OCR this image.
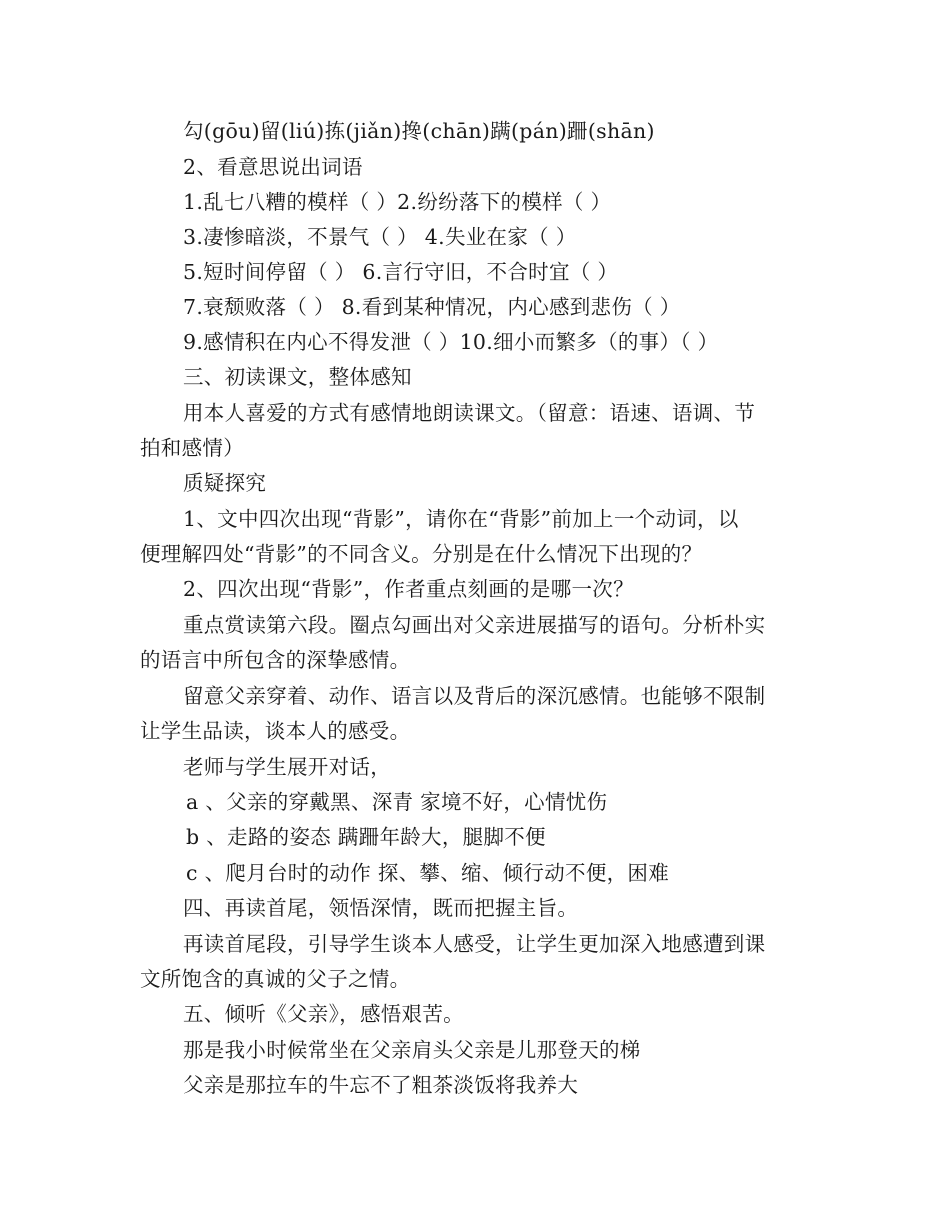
勾(gōu)留(liú)拣(jiǎn)搀(chān)蹒(pán)跚(shān)
2、看意思说出词语
1.乱七八糟的模样（ ）2.纷纷落下的模样（ ）
3.凄惨暗淡，不景气（ ） 4.失业在家（ ）
5.短时间停留（ ） 6.言行守旧，不合时宜（ ）
7.衰颓败落（ ） 8.看到某种情况，内心感到悲伤（ ）
9.感情积在内心不得发泄（ ）10.细小而繁多（的事）（ ）
三、初读课文，整体感知
用本人喜爱的方式有感情地朗读课文。（留意：语速、语调、节
拍和感情）
质疑探究
1、文中四次出现“背影”，请你在“背影”前加上一个动词，以
便理解四处“背影”的不同含义。分别是在什么情况下出现的？
2、四次出现“背影”，作者重点刻画的是哪一次？
重点赏读第六段。圈点勾画出对父亲进展描写的语句。分析朴实
的语言中所包含的深挚感情。
留意父亲穿着、动作、语言以及背后的深沉感情。也能够不限制
让学生品读，谈本人的感受。
老师与学生展开对话，
a 、父亲的穿戴黑、深青 家境不好，心情忧伤
b 、走路的姿态 蹒跚年龄大，腿脚不便
c 、爬月台时的动作 探、攀、缩、倾行动不便，困难
四、再读首尾，领悟深情，既而把握主旨。
再读首尾段，引导学生谈本人感受，让学生更加深入地感遭到课
文所饱含的真诚的父子之情。
五、倾听《父亲》，感悟艰苦。
那是我小时候常坐在父亲肩头父亲是儿那登天的梯
父亲是那拉车的牛忘不了粗茶淡饭将我养大
